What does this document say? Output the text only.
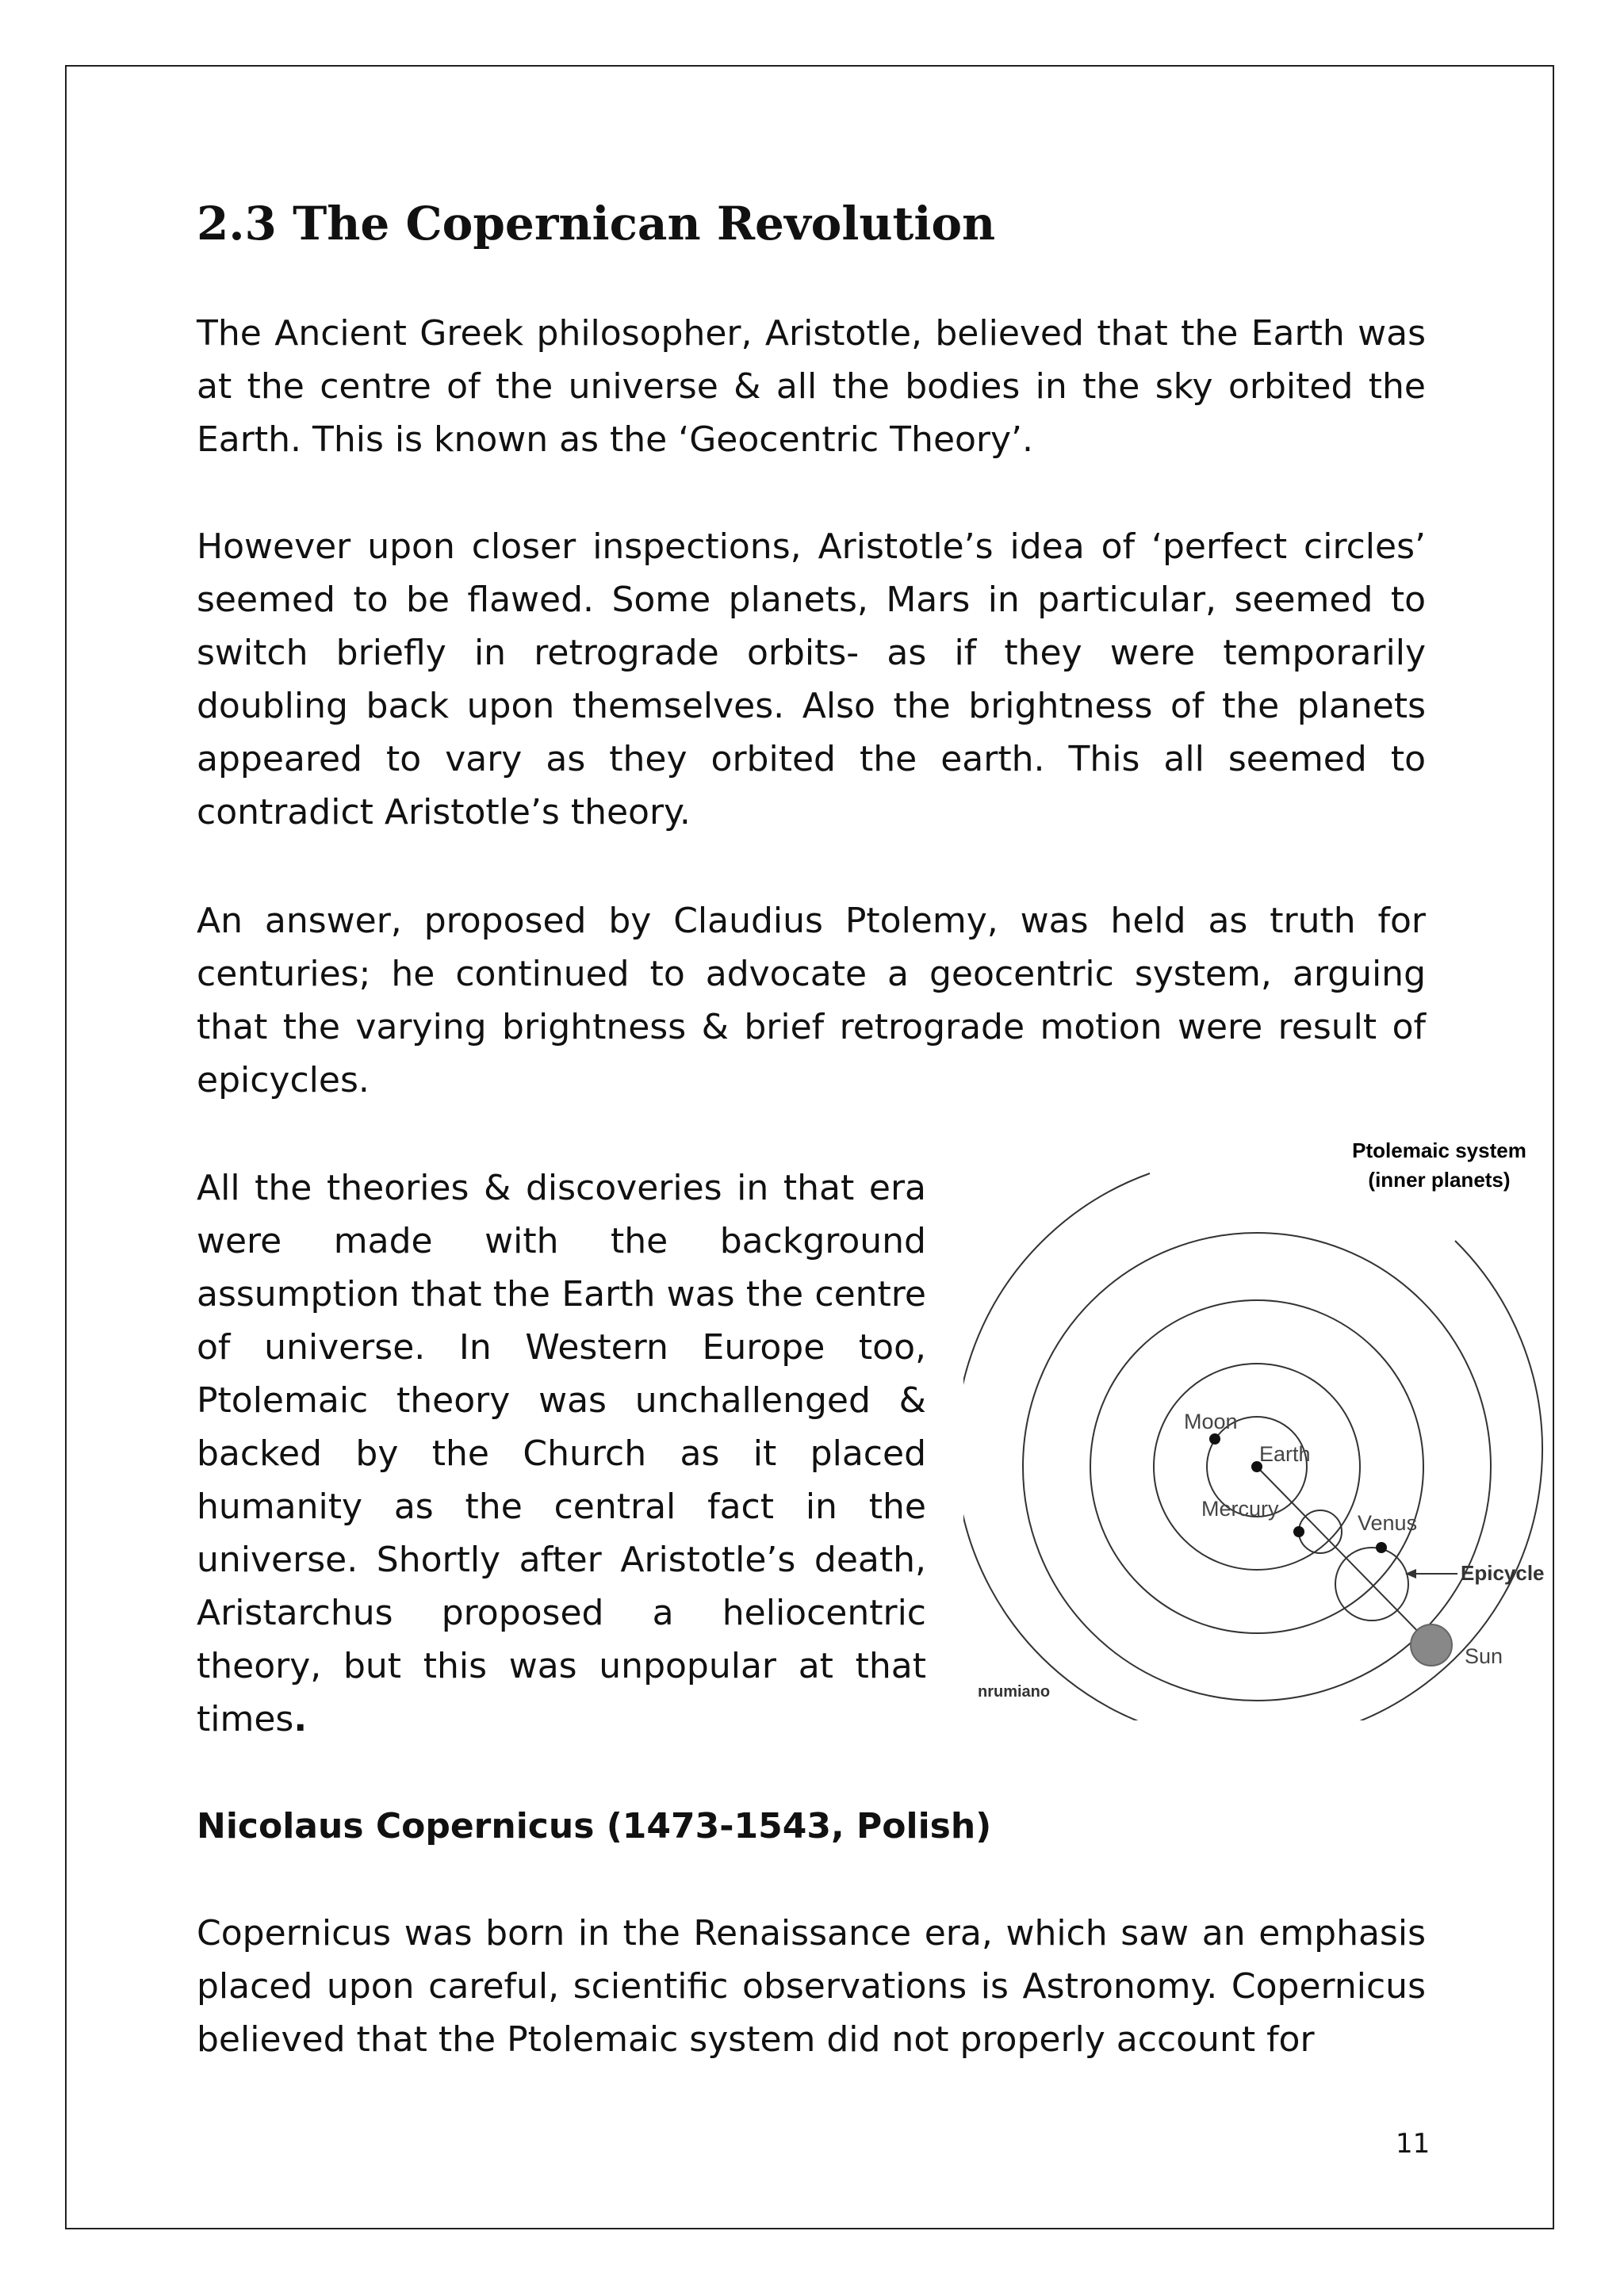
2.3 The Copernican Revolution

The Ancient Greek philosopher, Aristotle, believed that the Earth was at the centre of the universe & all the bodies in the sky orbited the Earth. This is known as the ‘Geocentric Theory’.

However upon closer inspections, Aristotle’s idea of ‘perfect circles’ seemed to be flawed. Some planets, Mars in particular, seemed to switch briefly in retrograde orbits- as if they were temporarily doubling back upon themselves. Also the brightness of the planets appeared to vary as they orbited the earth. This all seemed to contradict Aristotle’s theory.

An answer, proposed by Claudius Ptolemy, was held as truth for centuries; he continued to advocate a geocentric system, arguing that the varying brightness & brief retrograde motion were result of epicycles.

All the theories & discoveries in that era were made with the background assumption that the Earth was the centre of universe. In Western Europe too, Ptolemaic theory was unchallenged & backed by the Church as it placed humanity as the central fact in the universe. Shortly after Aristotle’s death, Aristarchus proposed a heliocentric theory, but this was unpopular at that times.

Ptolemaic system
(inner planets)
Moon
Earth
Mercury
Venus
Epicycle
Sun
nrumiano

Nicolaus Copernicus (1473-1543, Polish)

Copernicus was born in the Renaissance era, which saw an emphasis placed upon careful, scientific observations is Astronomy. Copernicus believed that the Ptolemaic system did not properly account for

11
